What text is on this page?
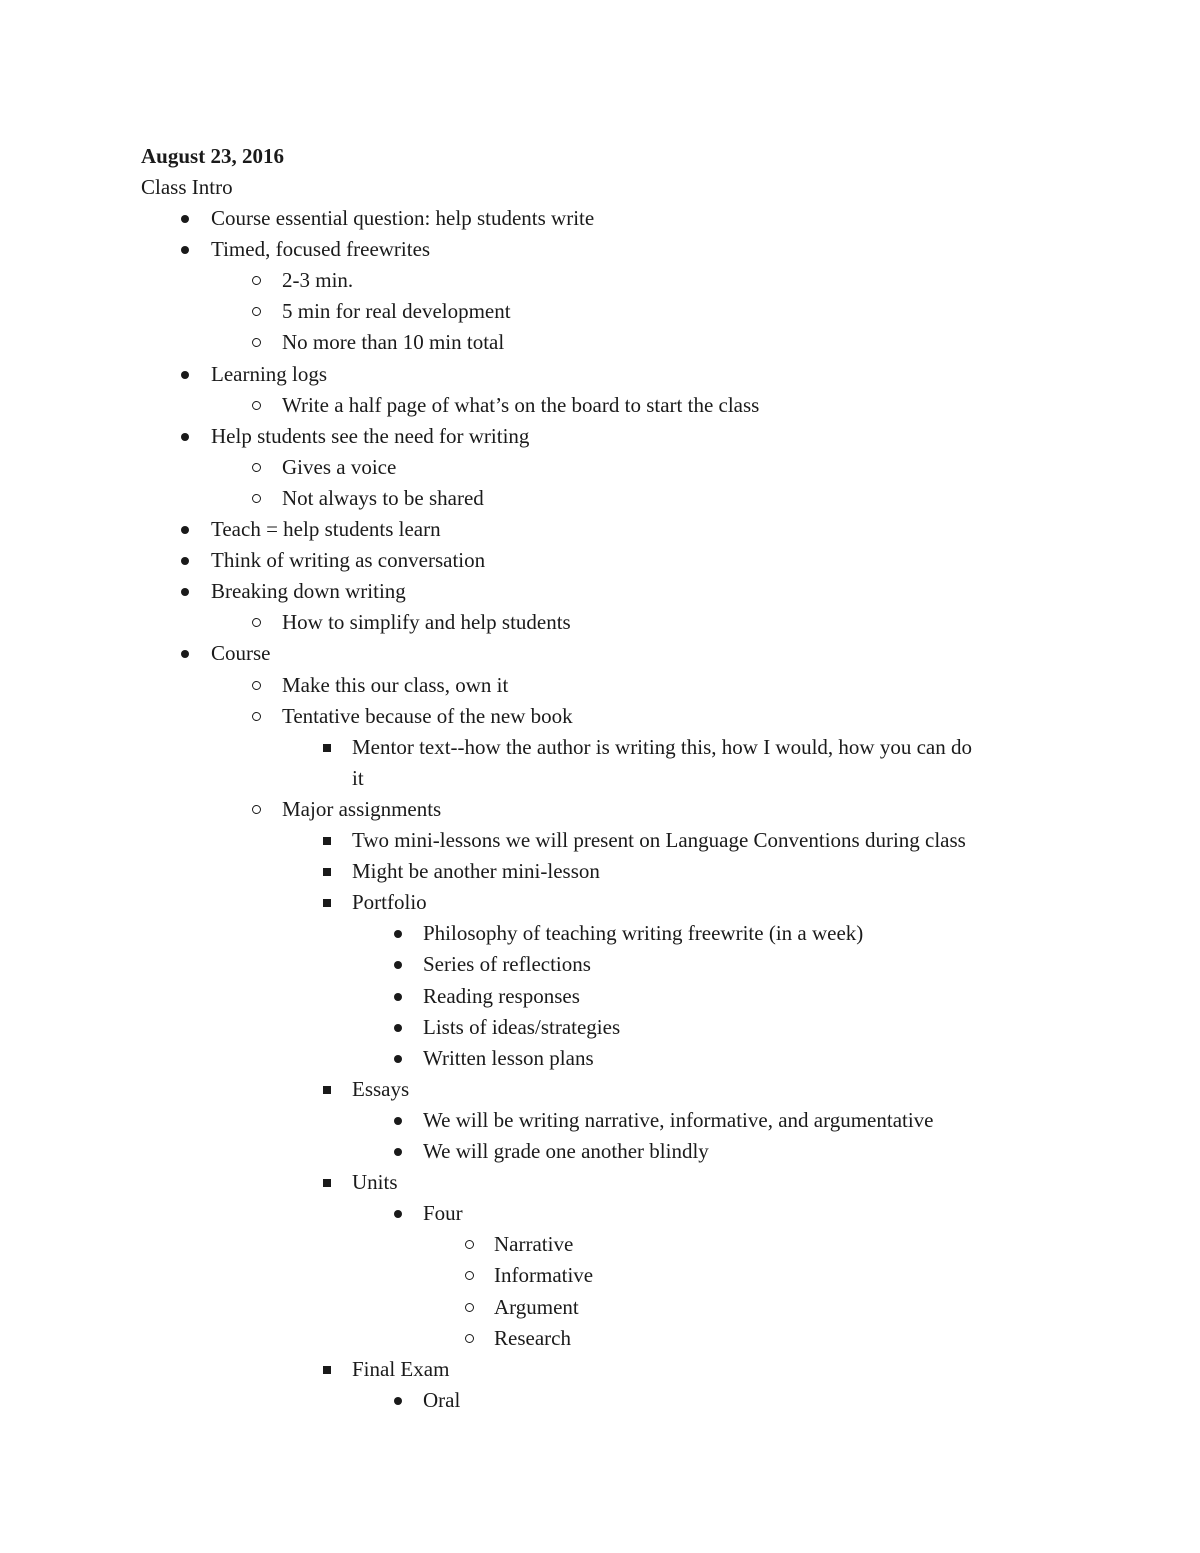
August 23, 2016
Class Intro
Course essential question: help students write
Timed, focused freewrites
2-3 min.
5 min for real development
No more than 10 min total
Learning logs
Write a half page of what’s on the board to start the class
Help students see the need for writing
Gives a voice
Not always to be shared
Teach = help students learn
Think of writing as conversation
Breaking down writing
How to simplify and help students
Course
Make this our class, own it
Tentative because of the new book
Mentor text--how the author is writing this, how I would, how you can do
it
Major assignments
Two mini-lessons we will present on Language Conventions during class
Might be another mini-lesson
Portfolio
Philosophy of teaching writing freewrite (in a week)
Series of reflections
Reading responses
Lists of ideas/strategies
Written lesson plans
Essays
We will be writing narrative, informative, and argumentative
We will grade one another blindly
Units
Four
Narrative
Informative
Argument
Research
Final Exam
Oral
